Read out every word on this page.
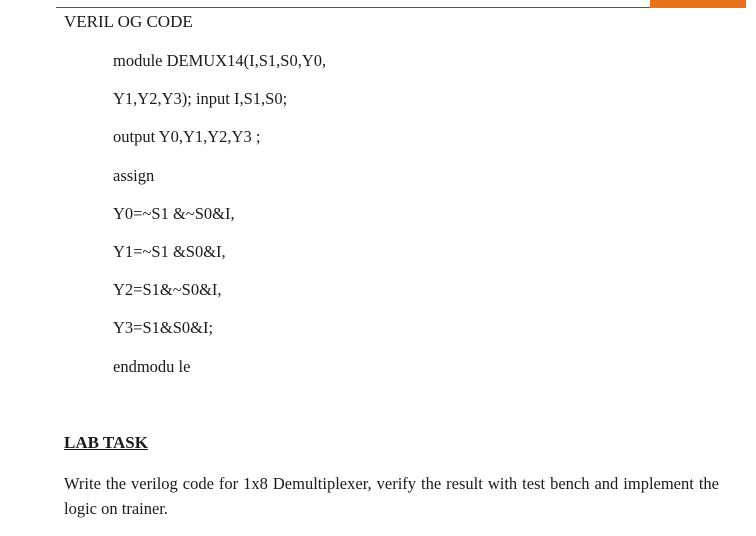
VERIL OG CODE
module DEMUX14(I,S1,S0,Y0,
Y1,Y2,Y3); input I,S1,S0;
output Y0,Y1,Y2,Y3 ;
assign
Y0=~S1 &~S0&I,
Y1=~S1 &S0&I,
Y2=S1&~S0&I,
Y3=S1&S0&I;
endmodu le
LAB TASK

Write the verilog code for 1x8 Demultiplexer, verify the result with test bench and implement the logic on trainer.
